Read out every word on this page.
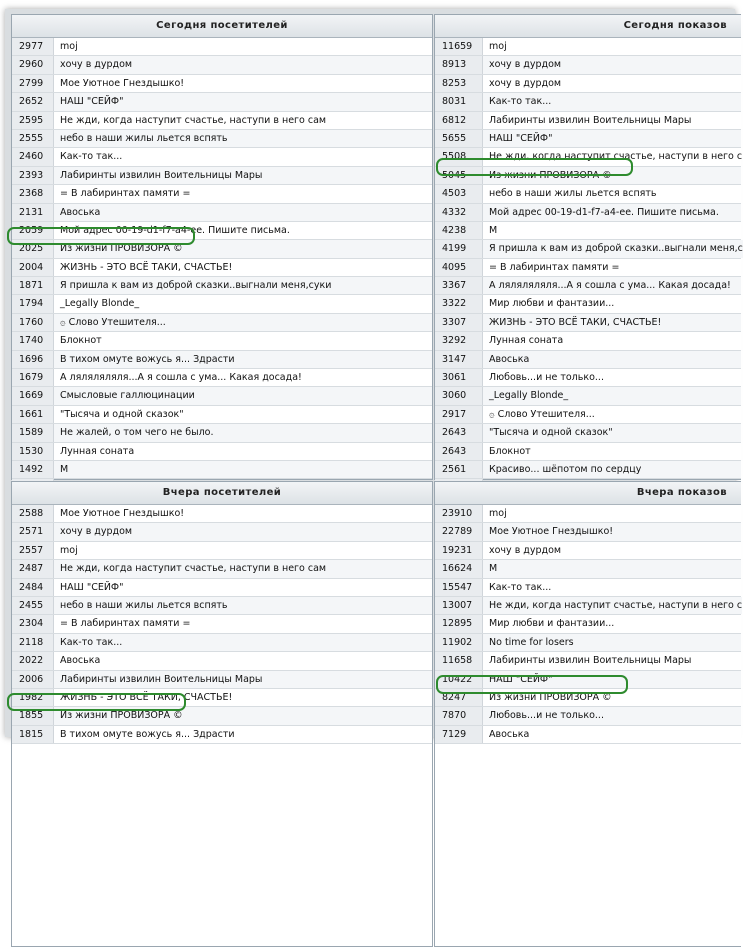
Сегодня посетителей
2977	moj
2960	хочу в дурдом
2799	Мое Уютное Гнездышко!
2652	НАШ "СЕЙФ"
2595	Не жди, когда наступит счастье, наступи в него сам
2555	небо в наши жилы льется вспять
2460	Как-то так...
2393	Лабиринты извилин Воительницы Мары
2368	= В лабиринтах памяти =
2131	Авоська
2059	Мой адрес 00-19-d1-f7-a4-ee. Пишите письма.
2025	Из жизни ПРОВИЗОРА ©
2004	ЖИЗНЬ - ЭТО ВСЁ ТАКИ, СЧАСТЬЕ!
1871	Я пришла к вам из доброй сказки..выгнали меня,суки
1794	_Legally Blonde_
1760	۞ Слово Утешителя...
1740	Блокнот
1696	В тихом омуте вожусь я... Здрасти
1679	А ляляляляля...А я сошла с ума... Какая досада!
1669	Смысловые галлюцинации
1661	"Тысяча и одной сказок"
1589	Не жалей, о том чего не было.
1530	Лунная соната
1492	М
Сегодня показов
11659	moj
8913	хочу в дурдом
8253	хочу в дурдом
8031	Как-то так...
6812	Лабиринты извилин Воительницы Мары
5655	НАШ "СЕЙФ"
5508	Не жди, когда наступит счастье, наступи в него с
5045	Из жизни ПРОВИЗОРА ©
4503	небо в наши жилы льется вспять
4332	Мой адрес 00-19-d1-f7-a4-ee. Пишите письма.
4238	М
4199	Я пришла к вам из доброй сказки..выгнали меня,с
4095	= В лабиринтах памяти =
3367	А ляляляляля...А я сошла с ума... Какая досада!
3322	Мир любви и фантазии...
3307	ЖИЗНЬ - ЭТО ВСЁ ТАКИ, СЧАСТЬЕ!
3292	Лунная соната
3147	Авоська
3061	Любовь...и не только...
3060	_Legally Blonde_
2917	۞ Слово Утешителя...
2643	"Тысяча и одной сказок"
2643	Блокнот
2561	Красиво... шёпотом по сердцу
Вчера посетителей
2588	Мое Уютное Гнездышко!
2571	хочу в дурдом
2557	moj
2487	Не жди, когда наступит счастье, наступи в него сам
2484	НАШ "СЕЙФ"
2455	небо в наши жилы льется вспять
2304	= В лабиринтах памяти =
2118	Как-то так...
2022	Авоська
2006	Лабиринты извилин Воительницы Мары
1982	ЖИЗНЬ - ЭТО ВСЁ ТАКИ, СЧАСТЬЕ!
1855	Из жизни ПРОВИЗОРА ©
1815	В тихом омуте вожусь я... Здрасти
Вчера показов
23910	moj
22789	Мое Уютное Гнездышко!
19231	хочу в дурдом
16624	М
15547	Как-то так...
13007	Не жди, когда наступит счастье, наступи в него с
12895	Мир любви и фантазии...
11902	No time for losers
11658	Лабиринты извилин Воительницы Мары
10422	НАШ "СЕЙФ"
8247	Из жизни ПРОВИЗОРА ©
7870	Любовь...и не только...
7129	Авоська
